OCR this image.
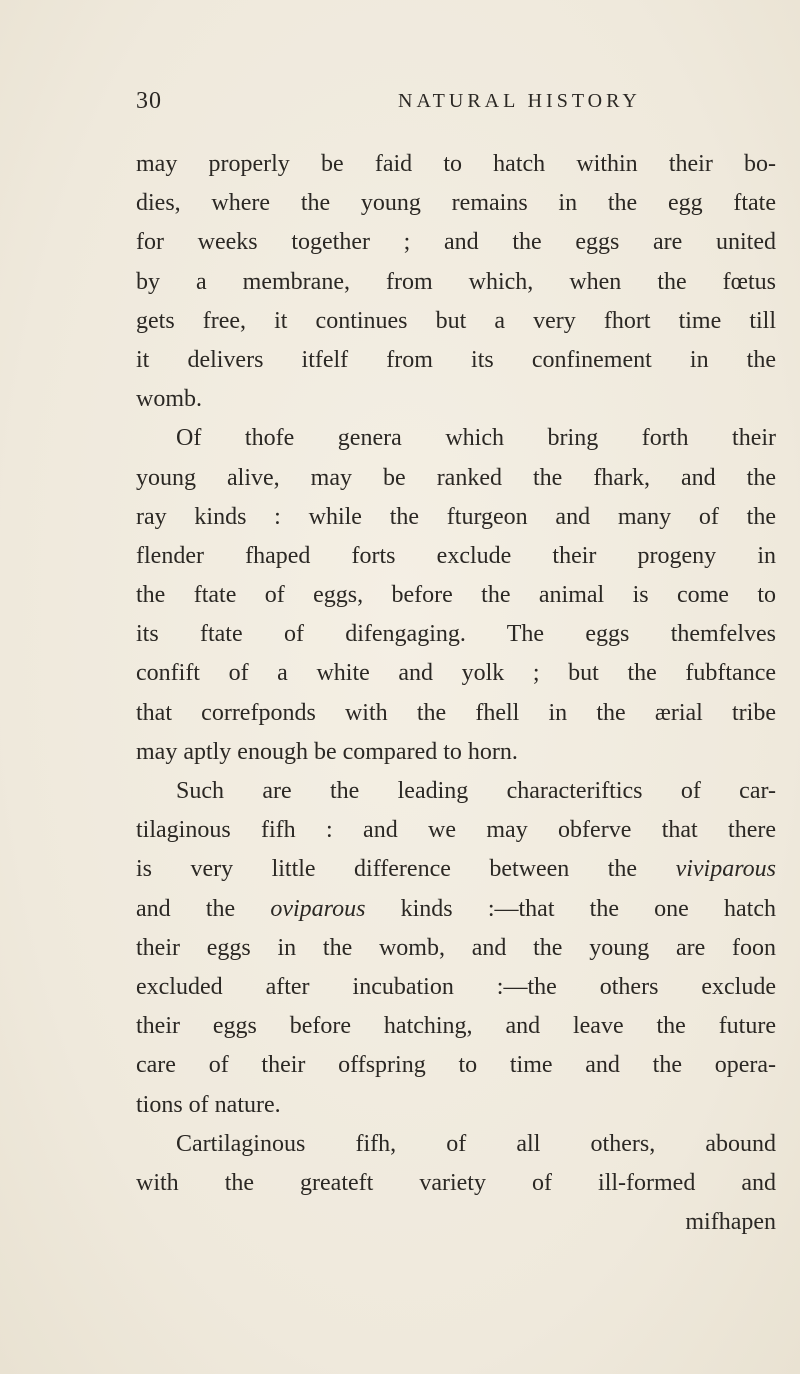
30	NATURAL HISTORY
may properly be faid to hatch within their bo-
dies, where the young remains in the egg ftate
for weeks together ; and the eggs are united
by a membrane, from which, when the fœtus
gets free, it continues but a very fhort time till
it delivers itfelf from its confinement in the
womb.
Of thofe genera which bring forth their
young alive, may be ranked the fhark, and the
ray kinds : while the fturgeon and many of the
flender fhaped forts exclude their progeny in
the ftate of eggs, before the animal is come to
its ftate of difengaging. The eggs themfelves
confift of a white and yolk ; but the fubftance
that correfponds with the fhell in the ærial tribe
may aptly enough be compared to horn.
Such are the leading characteriftics of car-
tilaginous fifh : and we may obferve that there
is very little difference between the viviparous
and the oviparous kinds :—that the one hatch
their eggs in the womb, and the young are foon
excluded after incubation :—the others exclude
their eggs before hatching, and leave the future
care of their offspring to time and the opera-
tions of nature.
Cartilaginous fifh, of all others, abound
with the greateft variety of ill-formed and
mifhapen
